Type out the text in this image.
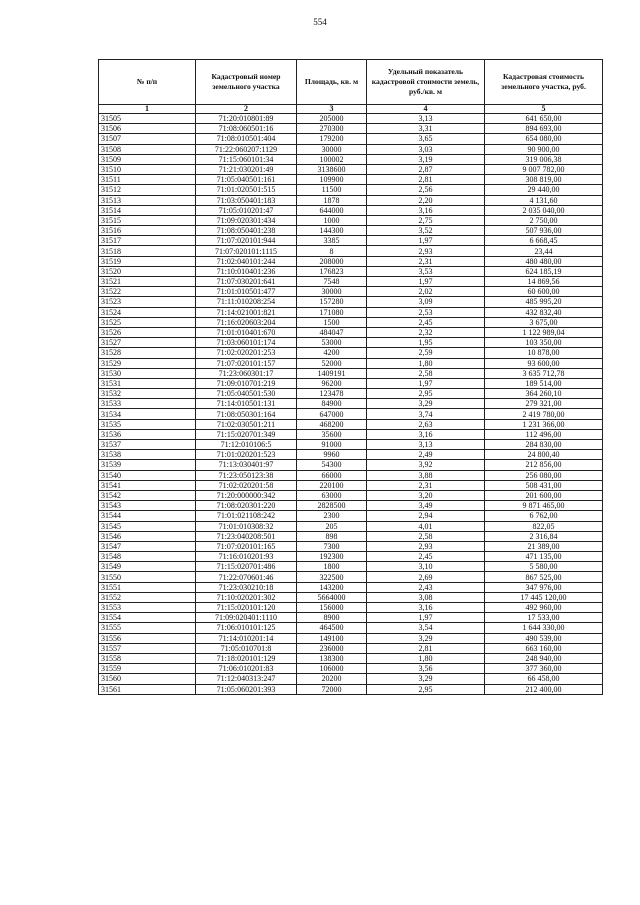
554
№ п/п	Кадастровый номер земельного участка	Площадь, кв. м	Удельный показатель кадастровой стоимости земель, руб./кв. м	Кадастровая стоимость земельного участка, руб.
1	2	3	4	5
31505	71:20:010801:89	205000	3,13	641 650,00
31506	71:08:060501:16	270300	3,31	894 693,00
31507	71:08:010501:404	179200	3,65	654 080,00
31508	71:22:060207:1129	30000	3,03	90 900,00
31509	71:15:060101:34	100002	3,19	319 006,38
31510	71:21:030201:49	3138600	2,87	9 007 782,00
31511	71:05:040501:161	109900	2,81	308 819,00
31512	71:01:020501:515	11500	2,56	29 440,00
31513	71:03:050401:183	1878	2,20	4 131,60
31514	71:05:010201:47	644000	3,16	2 035 040,00
31515	71:09:020301:434	1000	2,75	2 750,00
31516	71:08:050401:238	144300	3,52	507 936,00
31517	71:07:020101:944	3385	1,97	6 668,45
31518	71:07:020101:1115	8	2,93	23,44
31519	71:02:040101:244	208000	2,31	480 480,00
31520	71:10:010401:236	176823	3,53	624 185,19
31521	71:07:030201:641	7548	1,97	14 869,56
31522	71:01:010501:477	30000	2,02	60 600,00
31523	71:11:010208:254	157280	3,09	485 995,20
31524	71:14:021001:821	171080	2,53	432 832,40
31525	71:16:020603:204	1500	2,45	3 675,00
31526	71:01:010401:670	484047	2,32	1 122 989,04
31527	71:03:060101:174	53000	1,95	103 350,00
31528	71:02:020201:253	4200	2,59	10 878,00
31529	71:07:020101:157	52000	1,80	93 600,00
31530	71:23:060301:17	1409191	2,58	3 635 712,78
31531	71:09:010701:219	96200	1,97	189 514,00
31532	71:05:040501:530	123478	2,95	364 260,10
31533	71:14:010501:131	84900	3,29	279 321,00
31534	71:08:050301:164	647000	3,74	2 419 780,00
31535	71:02:030501:211	468200	2,63	1 231 366,00
31536	71:15:020701:349	35600	3,16	112 496,00
31537	71:12:010106:5	91000	3,13	284 830,00
31538	71:01:020201:523	9960	2,49	24 800,40
31539	71:13:030401:97	54300	3,92	212 856,00
31540	71:23:050123:38	66000	3,88	256 080,00
31541	71:02:020201:58	220100	2,31	508 431,00
31542	71:20:000000:342	63000	3,20	201 600,00
31543	71:08:020301:220	2828500	3,49	9 871 465,00
31544	71:01:021108:242	2300	2,94	6 762,00
31545	71:01:010308:32	205	4,01	822,05
31546	71:23:040208:501	898	2,58	2 316,84
31547	71:07:020101:165	7300	2,93	21 389,00
31548	71:16:010201:93	192300	2,45	471 135,00
31549	71:15:020701:486	1800	3,10	5 580,00
31550	71:22:070601:46	322500	2,69	867 525,00
31551	71:23:030210:18	143200	2,43	347 976,00
31552	71:10:020201:302	5664000	3,08	17 445 120,00
31553	71:15:020101:120	156000	3,16	492 960,00
31554	71:09:020401:1110	8900	1,97	17 533,00
31555	71:06:010101:125	464500	3,54	1 644 330,00
31556	71:14:010201:14	149100	3,29	490 539,00
31557	71:05:010701:8	236000	2,81	663 160,00
31558	71:18:020101:129	138300	1,80	248 940,00
31559	71:06:010201:83	106000	3,56	377 360,00
31560	71:12:040313:247	20200	3,29	66 458,00
31561	71:05:060201:393	72000	2,95	212 400,00
